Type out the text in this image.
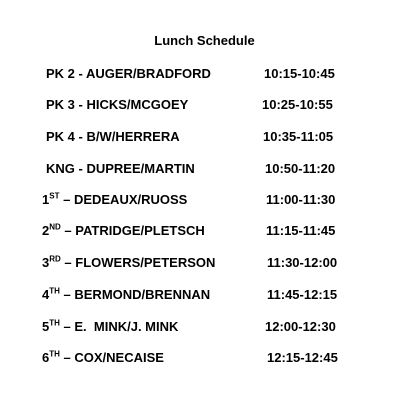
Lunch Schedule
PK 2 - AUGER/BRADFORD	10:15-10:45
PK 3 - HICKS/MCGOEY	10:25-10:55
PK 4 - B/W/HERRERA	10:35-11:05
KNG - DUPREE/MARTIN	10:50-11:20
1ST – DEDEAUX/RUOSS	11:00-11:30
2ND – PATRIDGE/PLETSCH	11:15-11:45
3RD – FLOWERS/PETERSON	11:30-12:00
4TH – BERMOND/BRENNAN	11:45-12:15
5TH – E.  MINK/J. MINK	12:00-12:30
6TH – COX/NECAISE	12:15-12:45
